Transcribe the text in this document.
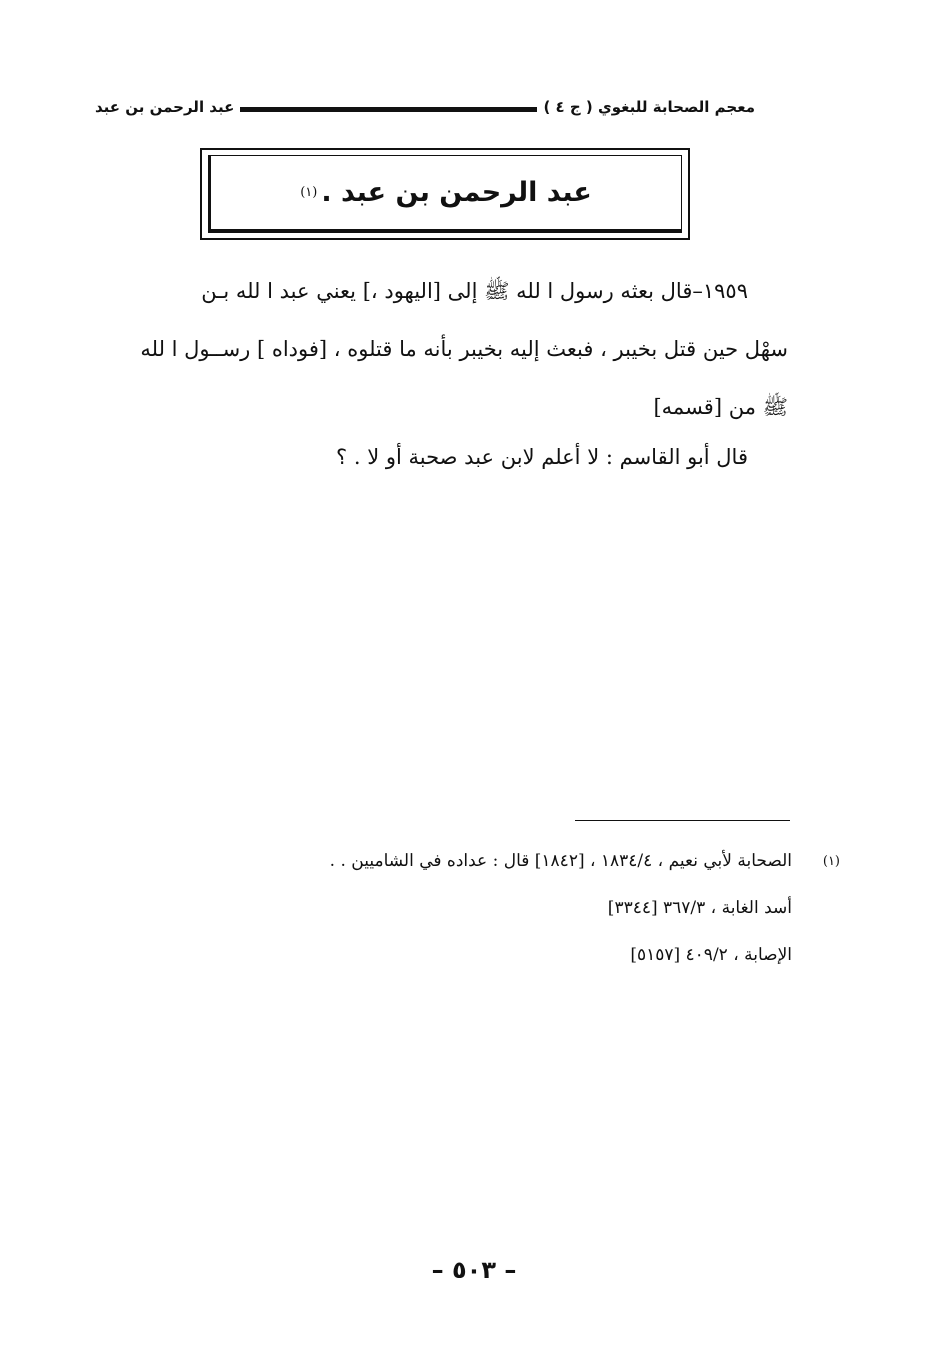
معجم الصحابة للبغوي ( ج ٤ )
عبد الرحمن بن عبد
عبد الرحمن بن عبد .
(١)

١٩٥٩–قال بعثه رسول ا لله ﷺ إلى [اليهود ،] يعني عبد ا لله بـن

سهْل حين قتل بخيبر ، فبعث إليه بخيبر بأنه ما قتلوه ، [فوداه ] رســول ا لله

ﷺ من [قسمه]

قال أبو القاسم : لا أعلم لابن عبد صحبة أو لا . ؟

(١)
الصحابة لأبي نعيم ، ١٨٣٤/٤ ، [١٨٤٢] قال : عداده في الشاميين . .
أسد الغابة ، ٣٦٧/٣ [٣٣٤٤]
الإصابة ، ٤٠٩/٢ [٥١٥٧]
– ٥٠٣ –
